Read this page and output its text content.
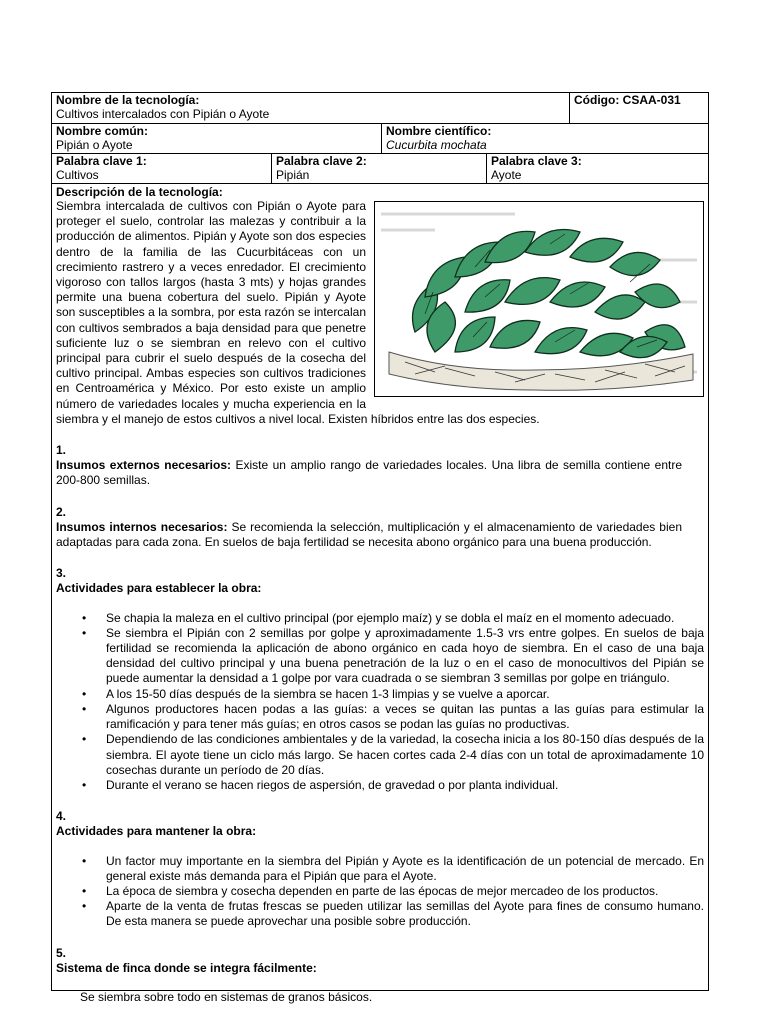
Nombre de la tecnología:
Cultivos intercalados con Pipián o Ayote
Código: CSAA-031
Nombre común:
Pipián o Ayote
Nombre científico:
Cucurbita mochata
Palabra clave 1:
Cultivos
Palabra clave 2:
Pipián
Palabra clave 3:
Ayote
Descripción de la tecnología:

Siembra intercalada de cultivos con Pipián o Ayote para proteger el suelo, controlar las malezas y contribuir a la producción de alimentos. Pipián y Ayote son dos especies dentro de la familia de las Cucurbitáceas con un crecimiento rastrero y a veces enredador. El crecimiento vigoroso con tallos largos (hasta 3 mts) y hojas grandes permite una buena cobertura del suelo. Pipián y Ayote son susceptibles a la sombra, por esta razón se intercalan con cultivos sembrados a baja densidad para que penetre suficiente luz o se siembran en relevo con el cultivo principal para cubrir el suelo después de la cosecha del cultivo principal. Ambas especies son cultivos tradiciones en Centroamérica y México. Por esto existe un amplio número de variedades locales y mucha experiencia en la siembra y el manejo de estos cultivos a nivel local. Existen híbridos entre las dos especies.

1.Insumos externos necesarios: Existe un amplio rango de variedades locales. Una libra de semilla contiene entre 200-800 semillas.
2.Insumos internos necesarios: Se recomienda la selección, multiplicación y el almacenamiento de variedades bien adaptadas para cada zona. En suelos de baja fertilidad se necesita abono orgánico para una buena producción.
3.Actividades para establecer la obra:
• Se chapia la maleza en el cultivo principal (por ejemplo maíz) y se dobla el maíz en el momento adecuado.
• Se siembra el Pipián con 2 semillas por golpe y aproximadamente 1.5-3 vrs entre golpes. En suelos de baja fertilidad se recomienda la aplicación de abono orgánico en cada hoyo de siembra. En el caso de una baja densidad del cultivo principal y una buena penetración de la luz o en el caso de monocultivos del Pipián se puede aumentar la densidad a 1 golpe por vara cuadrada o se siembran 3 semillas por golpe en triángulo.
• A los 15-50 días después de la siembra se hacen 1-3 limpias y se vuelve a aporcar.
• Algunos productores hacen podas a las guías: a veces se quitan las puntas a las guías para estimular la ramificación y para tener más guías; en otros casos se podan las guías no productivas.
• Dependiendo de las condiciones ambientales y de la variedad, la cosecha inicia a los 80-150 días después de la siembra. El ayote tiene un ciclo más largo. Se hacen cortes cada 2-4 días con un total de aproximadamente 10 cosechas durante un período de 20 días.
• Durante el verano se hacen riegos de aspersión, de gravedad o por planta individual.
4.Actividades para mantener la obra:
• Un factor muy importante en la siembra del Pipián y Ayote es la identificación de un potencial de mercado. En general existe más demanda para el Pipián que para el Ayote.
• La época de siembra y cosecha dependen en parte de las épocas de mejor mercadeo de los productos.
• Aparte de la venta de frutas frescas se pueden utilizar las semillas del Ayote para fines de consumo humano. De esta manera se puede aprovechar una posible sobre producción.
5.Sistema de finca donde se integra fácilmente:
Se siembra sobre todo en sistemas de granos básicos.
